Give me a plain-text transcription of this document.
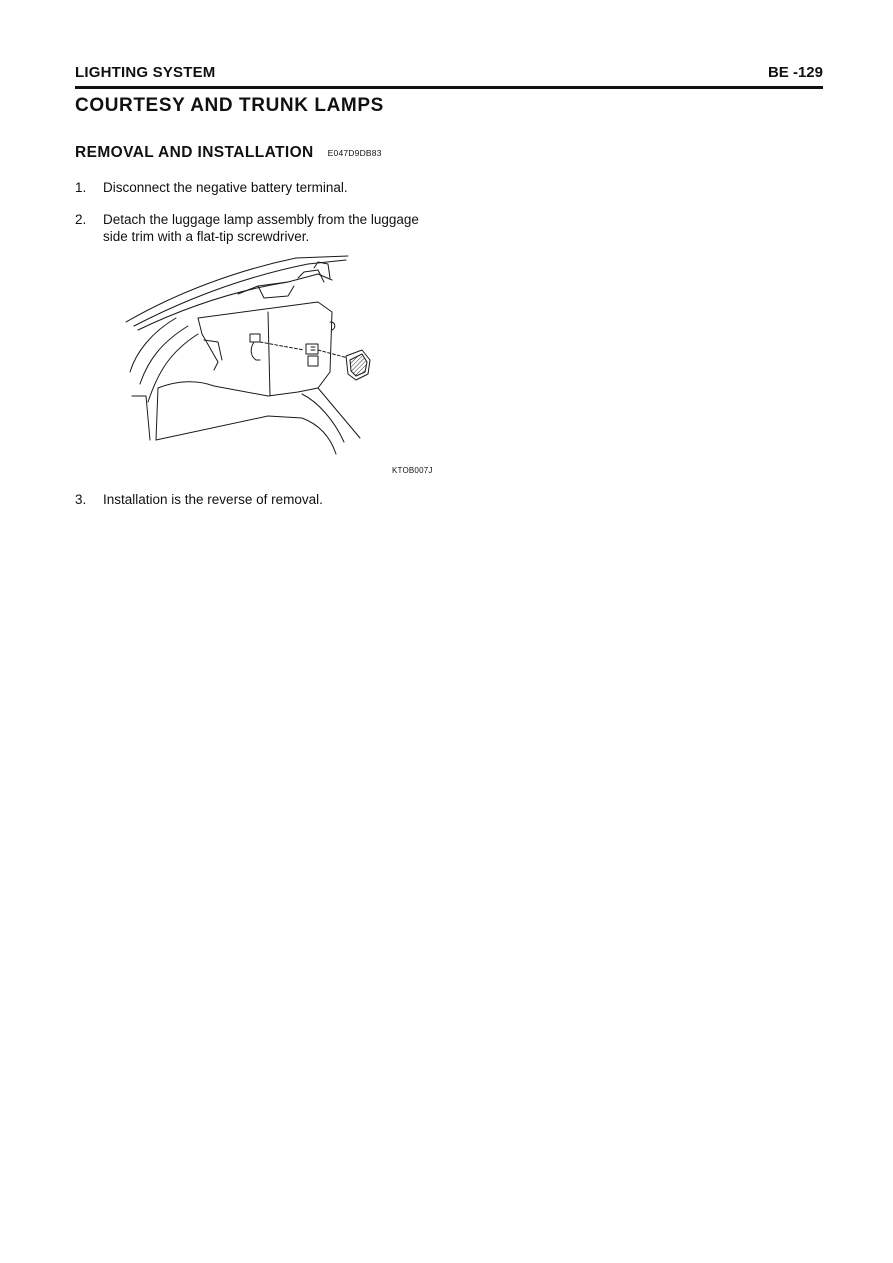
LIGHTING SYSTEM	BE -129
COURTESY AND TRUNK LAMPS
REMOVAL AND INSTALLATION E047D9DB83
1. Disconnect the negative battery terminal.
2. Detach the luggage lamp assembly from the luggage side trim with a flat-tip screwdriver.
KTOB007J
3. Installation is the reverse of removal.
